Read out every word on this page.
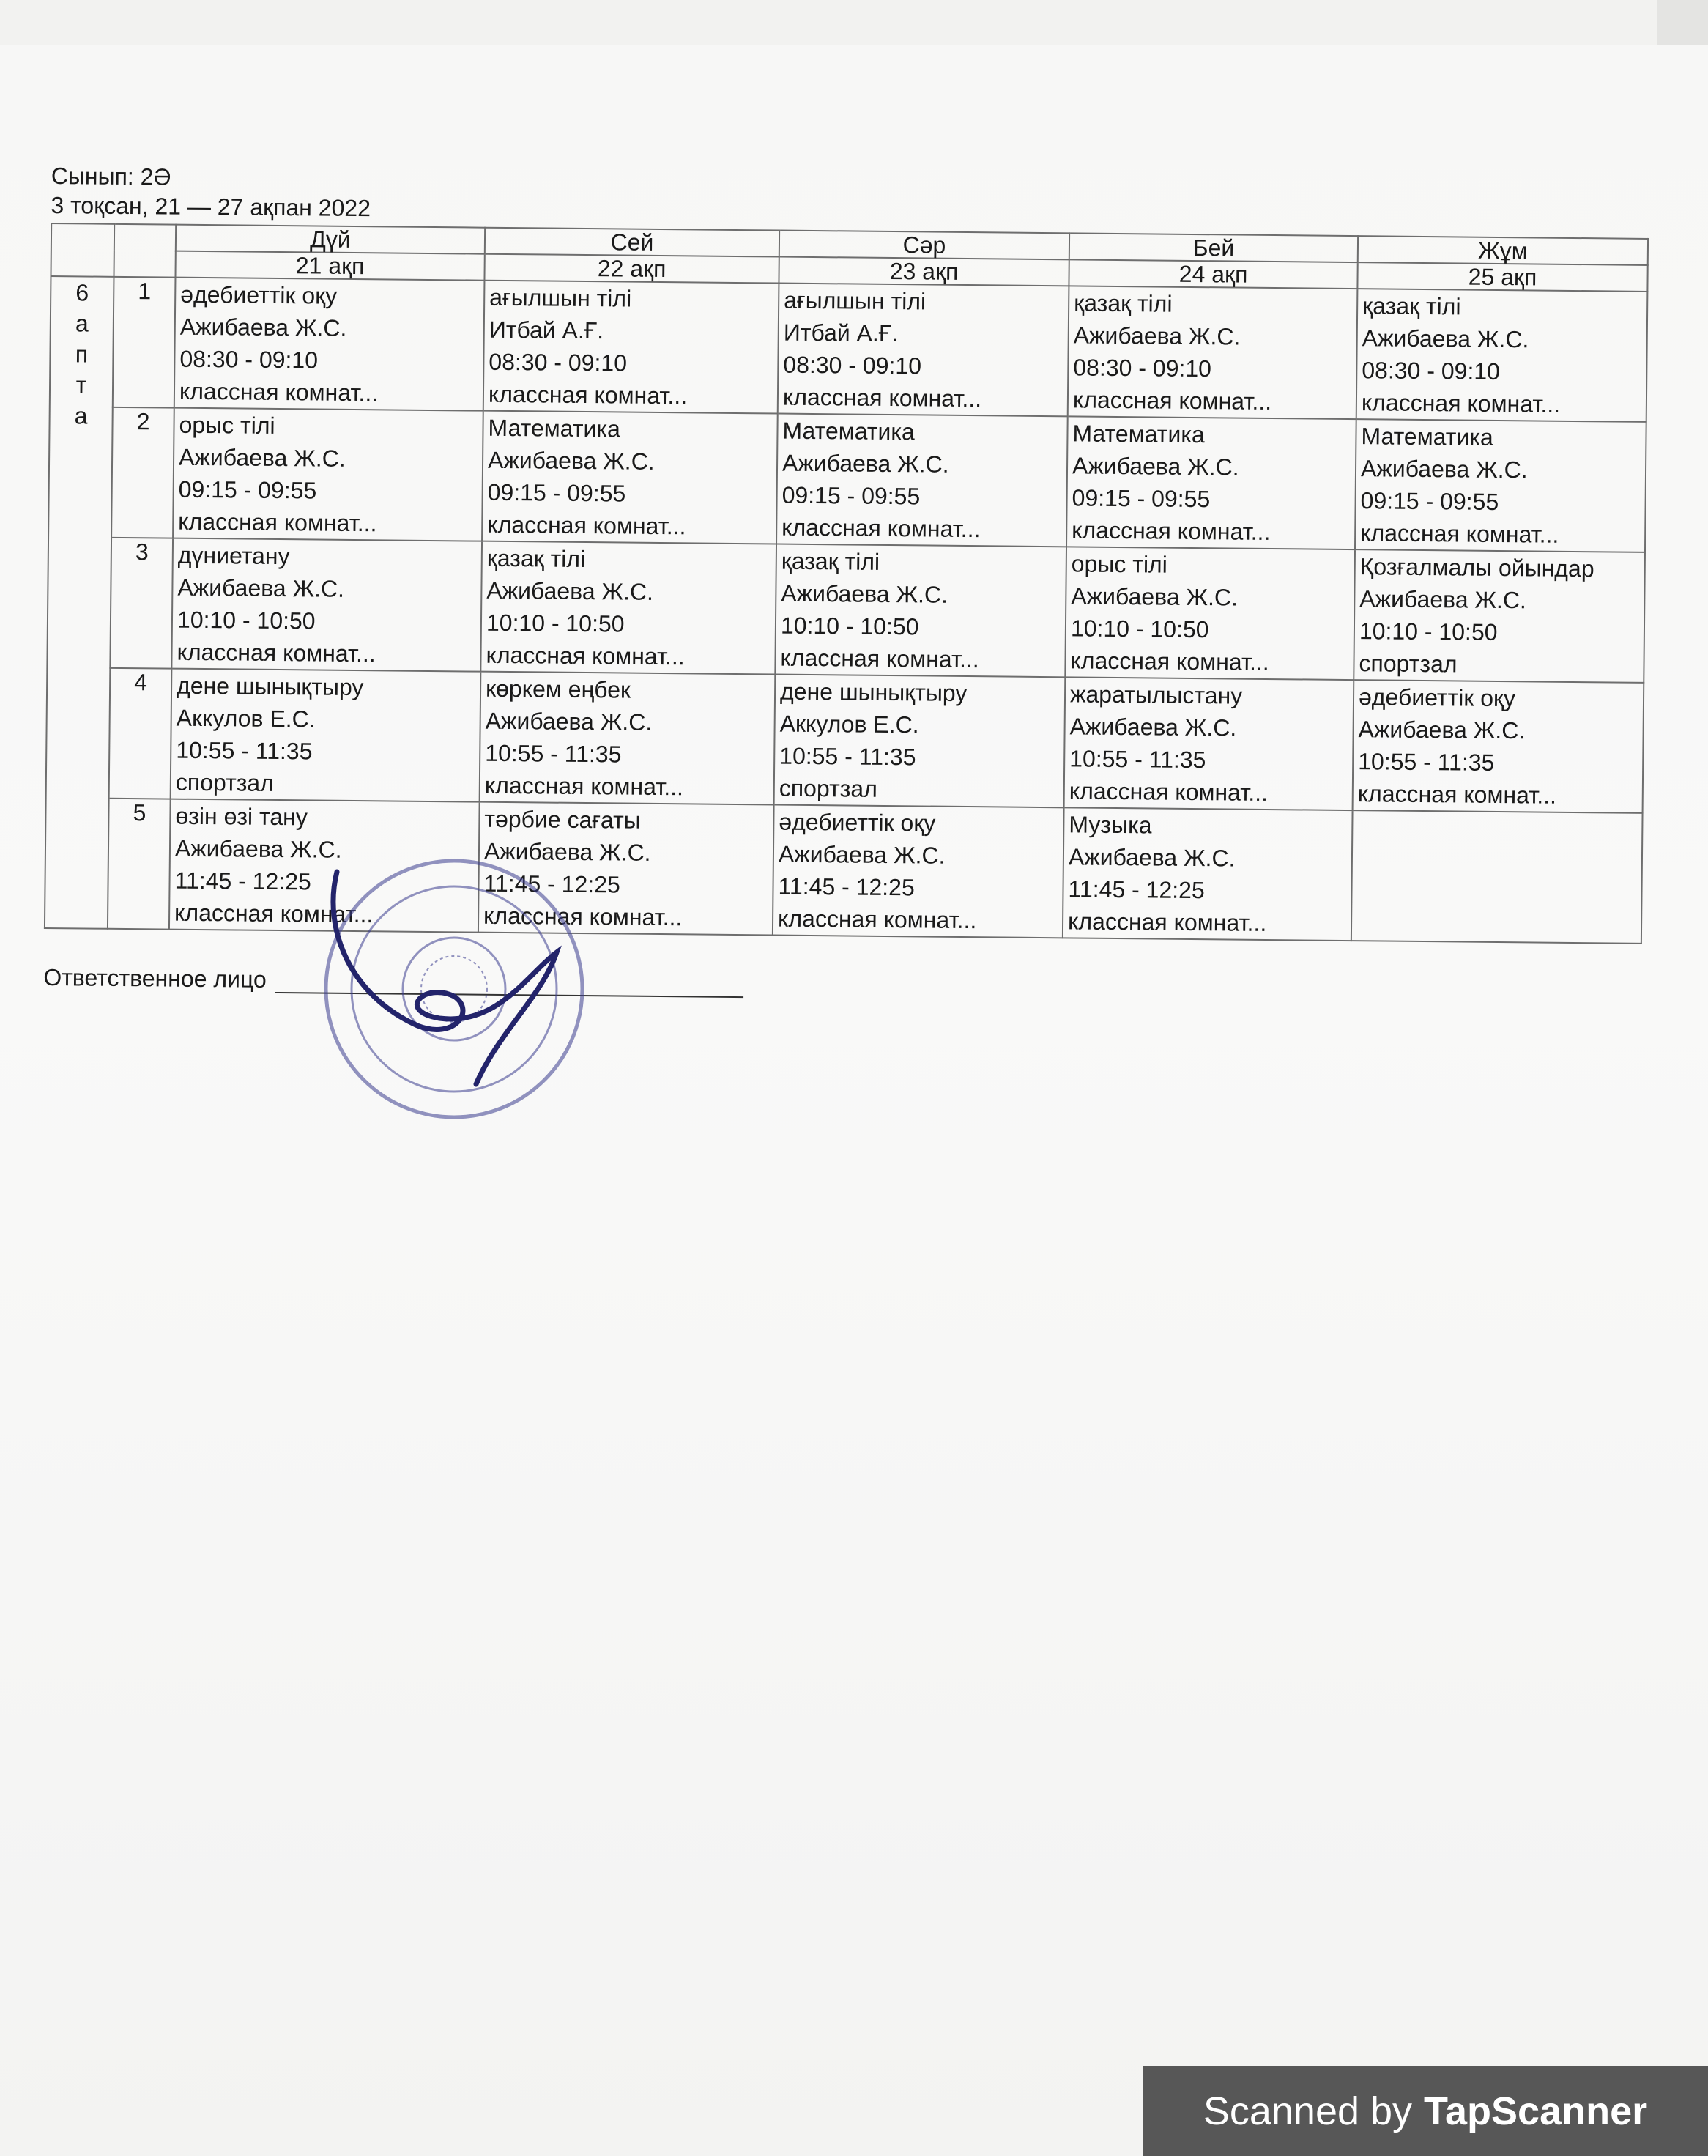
Сынып: 2Ә

3 тоқсан, 21 — 27 ақпан 2022

		Дүй	Сей	Сәр	Бей	Жұм
		21 ақп	22 ақп	23 ақп	24 ақп	25 ақп

6
а
п
т
а	1	әдебиеттік оқу
Ажибаева Ж.С.
08:30 - 09:10
классная комнат...	ағылшын тілі
Итбай А.Ғ.
08:30 - 09:10
классная комнат...	ағылшын тілі
Итбай А.Ғ.
08:30 - 09:10
классная комнат...	қазақ тілі
Ажибаева Ж.С.
08:30 - 09:10
классная комнат...	қазақ тілі
Ажибаева Ж.С.
08:30 - 09:10
классная комнат...

	2	орыс тілі
Ажибаева Ж.С.
09:15 - 09:55
классная комнат...	Математика
Ажибаева Ж.С.
09:15 - 09:55
классная комнат...	Математика
Ажибаева Ж.С.
09:15 - 09:55
классная комнат...	Математика
Ажибаева Ж.С.
09:15 - 09:55
классная комнат...	Математика
Ажибаева Ж.С.
09:15 - 09:55
классная комнат...

	3	дүниетану
Ажибаева Ж.С.
10:10 - 10:50
классная комнат...	қазақ тілі
Ажибаева Ж.С.
10:10 - 10:50
классная комнат...	қазақ тілі
Ажибаева Ж.С.
10:10 - 10:50
классная комнат...	орыс тілі
Ажибаева Ж.С.
10:10 - 10:50
классная комнат...	Қозғалмалы ойындар
Ажибаева Ж.С.
10:10 - 10:50
спортзал

	4	дене шынықтыру
Аккулов Е.С.
10:55 - 11:35
спортзал	көркем еңбек
Ажибаева Ж.С.
10:55 - 11:35
классная комнат...	дене шынықтыру
Аккулов Е.С.
10:55 - 11:35
спортзал	жаратылыстану
Ажибаева Ж.С.
10:55 - 11:35
классная комнат...	әдебиеттік оқу
Ажибаева Ж.С.
10:55 - 11:35
классная комнат...

	5	өзін өзі тану
Ажибаева Ж.С.
11:45 - 12:25
классная комнат...	тәрбие сағаты
Ажибаева Ж.С.
11:45 - 12:25
классная комнат...	әдебиеттік оқу
Ажибаева Ж.С.
11:45 - 12:25
классная комнат...	Музыка
Ажибаева Ж.С.
11:45 - 12:25
классная комнат...	

Ответственное лицо
Scanned by TapScanner
